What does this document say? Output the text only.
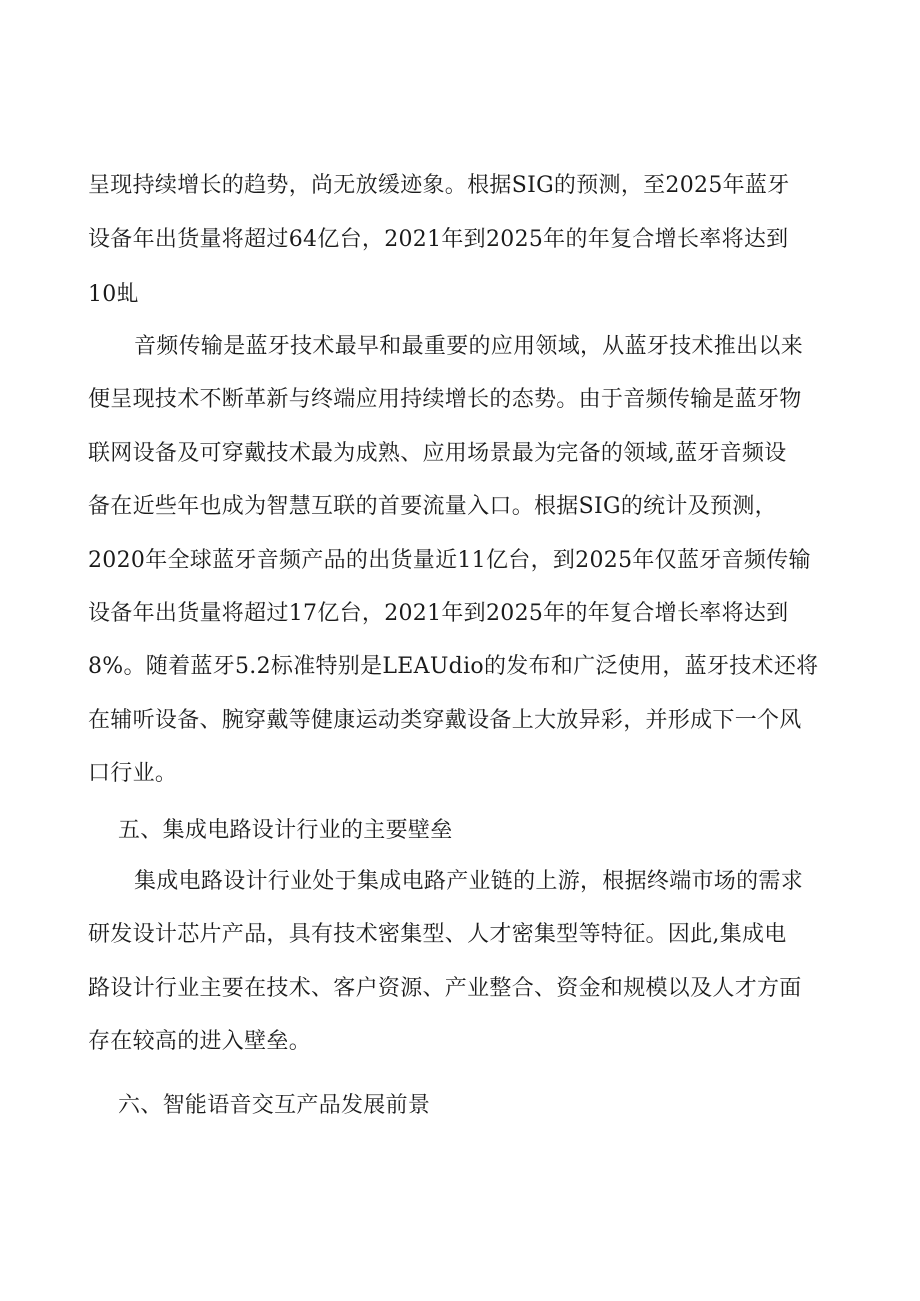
呈现持续增长的趋势，尚无放缓迹象。根据SIG的预测，至2025年蓝牙
设备年出货量将超过64亿台，2021年到2025年的年复合增长率将达到
10虬
音频传输是蓝牙技术最早和最重要的应用领域，从蓝牙技术推出以来
便呈现技术不断革新与终端应用持续增长的态势。由于音频传输是蓝牙物
联网设备及可穿戴技术最为成熟、应用场景最为完备的领域,蓝牙音频设
备在近些年也成为智慧互联的首要流量入口。根据SIG的统计及预测，
2020年全球蓝牙音频产品的出货量近11亿台，到2025年仅蓝牙音频传输
设备年出货量将超过17亿台，2021年到2025年的年复合增长率将达到
8%。随着蓝牙5.2标准特别是LEAUdio的发布和广泛使用，蓝牙技术还将
在辅听设备、腕穿戴等健康运动类穿戴设备上大放异彩，并形成下一个风
口行业。
五、集成电路设计行业的主要壁垒
集成电路设计行业处于集成电路产业链的上游，根据终端市场的需求
研发设计芯片产品，具有技术密集型、人才密集型等特征。因此,集成电
路设计行业主要在技术、客户资源、产业整合、资金和规模以及人才方面
存在较高的进入壁垒。
六、智能语音交互产品发展前景
